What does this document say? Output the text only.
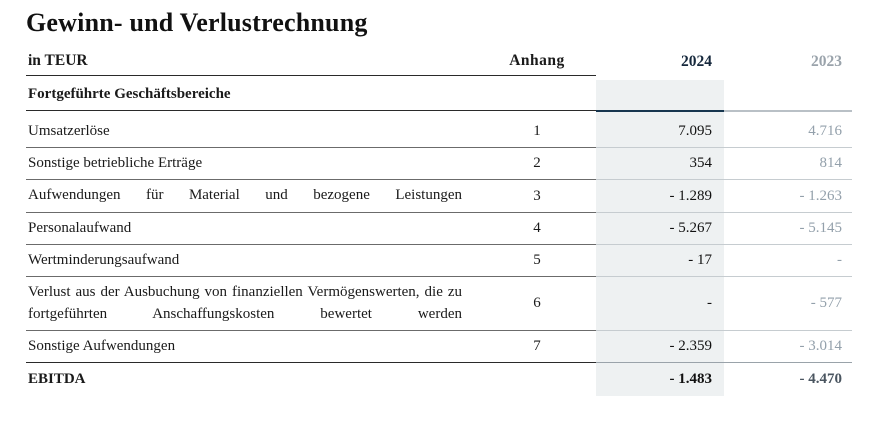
Gewinn- und Verlustrechnung
in TEUR	Anhang	2024	2023

Fortgeführte Geschäftsbereiche			

Umsatzerlöse	1	7.095	4.716
Sonstige betriebliche Erträge	2	354	814
Aufwendungen für Material und bezogene Leistungen	3	- 1.289	- 1.263
Personalaufwand	4	- 5.267	- 5.145
Wertminderungsaufwand	5	- 17	-
Verlust aus der Ausbuchung von finanziellen Vermögenswerten, die zu fortgeführten Anschaffungskosten bewertet werden	6	-	- 577
Sonstige Aufwendungen	7	- 2.359	- 3.014
EBITDA		- 1.483	- 4.470
